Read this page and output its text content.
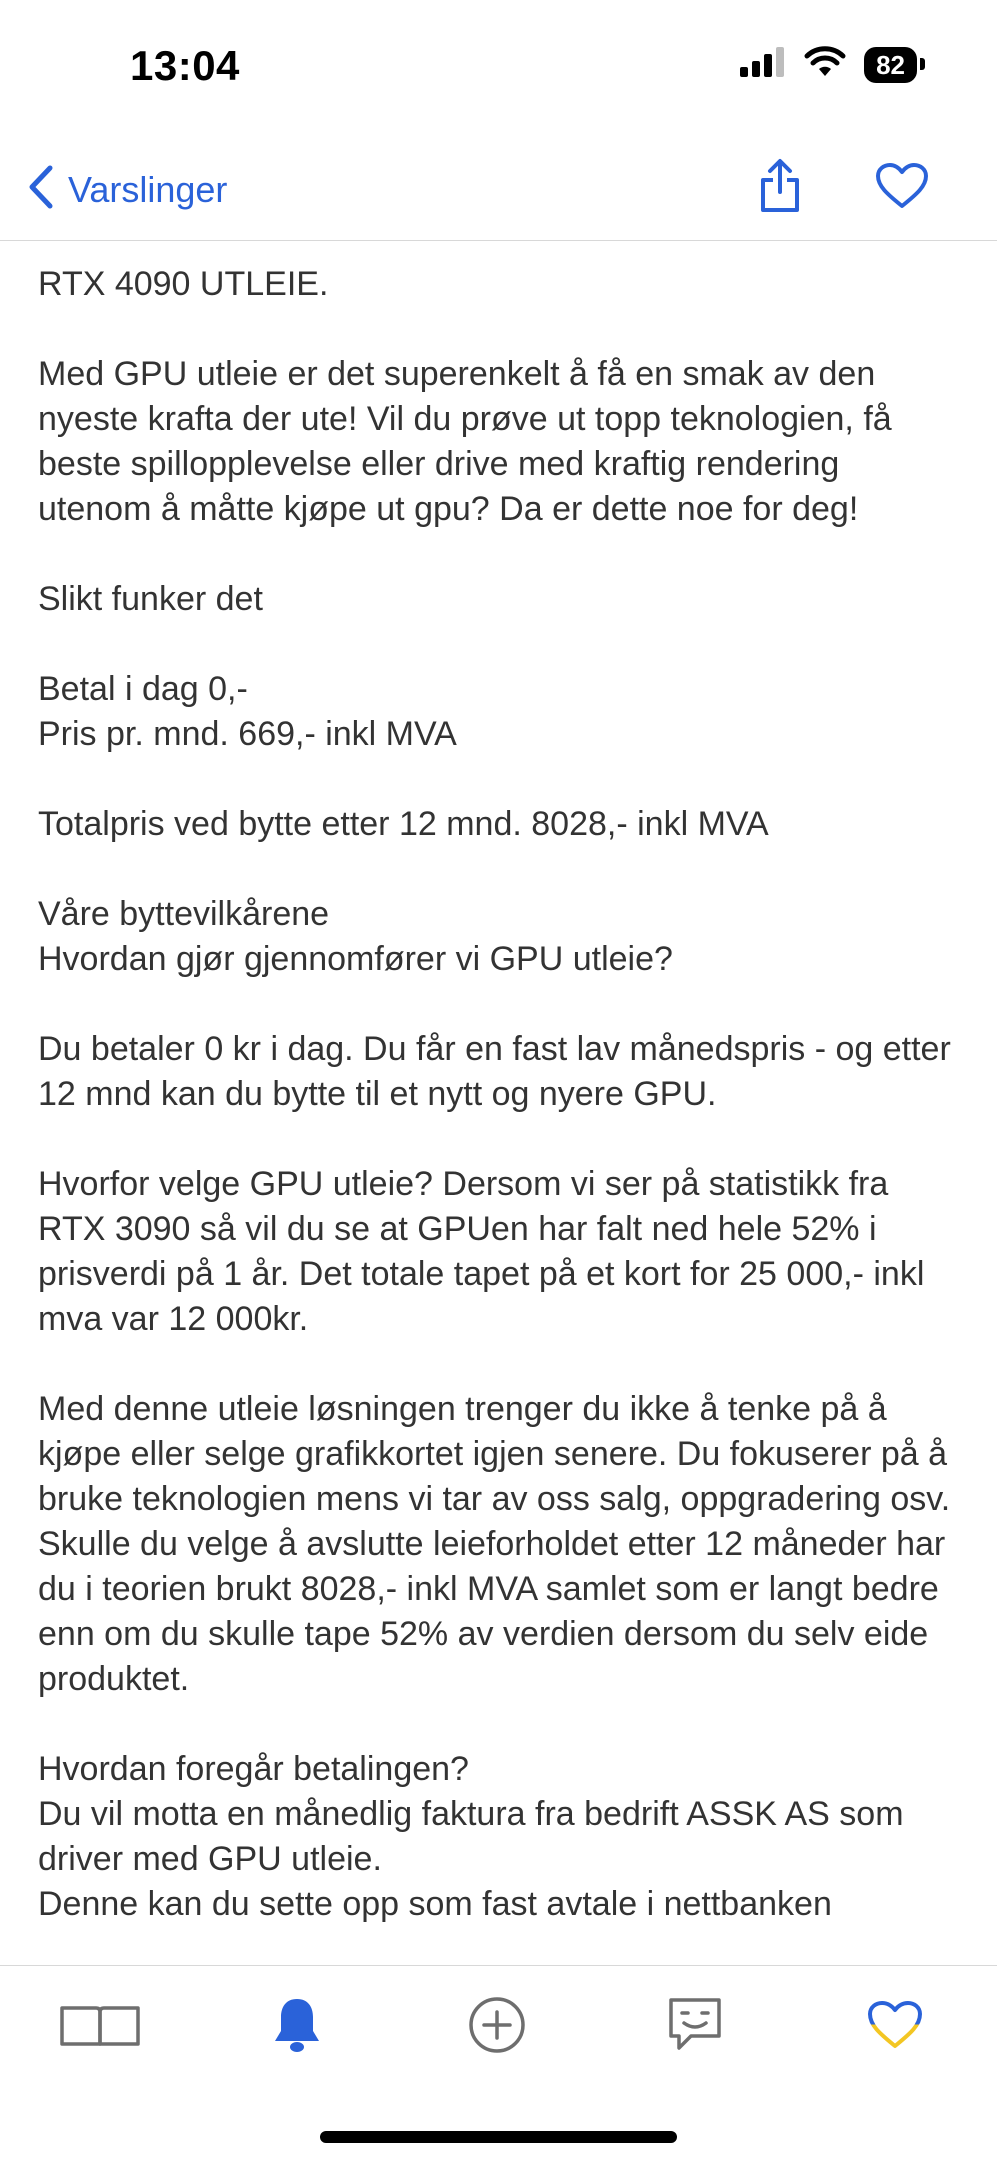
13:04	82
Varslinger

RTX 4090 UTLEIE.

Med GPU utleie er det superenkelt å få en smak av den nyeste krafta der ute! Vil du prøve ut topp teknologien, få beste spillopplevelse eller drive med kraftig rendering utenom å måtte kjøpe ut gpu? Da er dette noe for deg!

Slikt funker det

Betal i dag 0,-
Pris pr. mnd. 669,- inkl MVA

Totalpris ved bytte etter 12 mnd. 8028,- inkl MVA

Våre byttevilkårene
Hvordan gjør gjennomfører vi GPU utleie?

Du betaler 0 kr i dag. Du får en fast lav månedspris - og etter 12 mnd kan du bytte til et nytt og nyere GPU.

Hvorfor velge GPU utleie? Dersom vi ser på statistikk fra RTX 3090 så vil du se at GPUen har falt ned hele 52% i prisverdi på 1 år. Det totale tapet på et kort for 25 000,- inkl mva var 12 000kr.

Med denne utleie løsningen trenger du ikke å tenke på å kjøpe eller selge grafikkortet igjen senere. Du fokuserer på å bruke teknologien mens vi tar av oss salg, oppgradering osv. Skulle du velge å avslutte leieforholdet etter 12 måneder har du i teorien brukt 8028,- inkl MVA samlet som er langt bedre enn om du skulle tape 52% av verdien dersom du selv eide produktet.

Hvordan foregår betalingen?
Du vil motta en månedlig faktura fra bedrift ASSK AS som driver med GPU utleie.
Denne kan du sette opp som fast avtale i nettbanken
